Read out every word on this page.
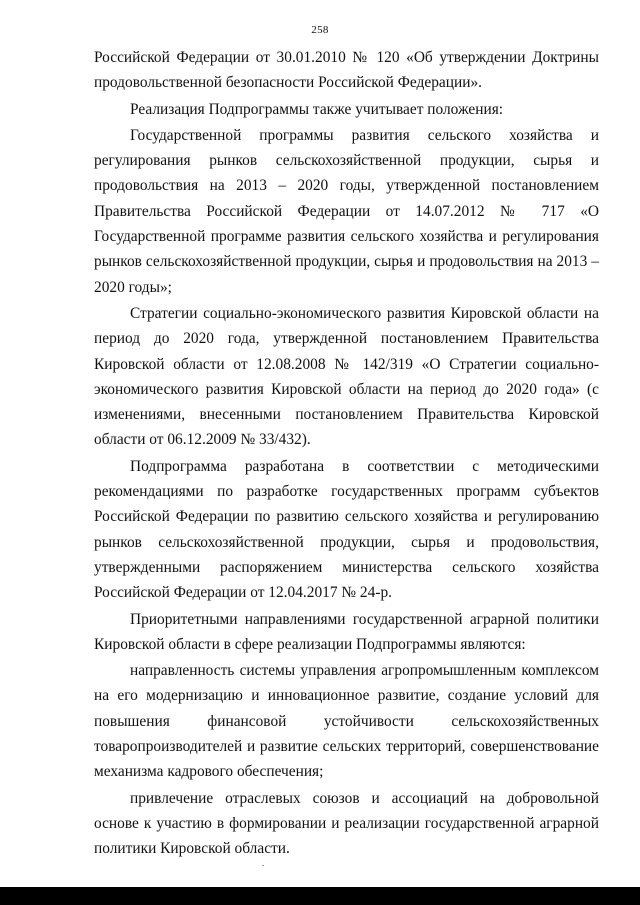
258

Российской Федерации от 30.01.2010 № 120 «Об утверждении Доктрины продовольственной безопасности Российской Федерации».

Реализация Подпрограммы также учитывает положения:

Государственной программы развития сельского хозяйства и регулирования рынков сельскохозяйственной продукции, сырья и продовольствия на 2013 – 2020 годы, утвержденной постановлением Правительства Российской Федерации от 14.07.2012 № 717 «О Государственной программе развития сельского хозяйства и регулирования рынков сельскохозяйственной продукции, сырья и продовольствия на 2013 – 2020 годы»;

Стратегии социально-экономического развития Кировской области на период до 2020 года, утвержденной постановлением Правительства Кировской области от 12.08.2008 № 142/319 «О Стратегии социально-экономического развития Кировской области на период до 2020 года» (с изменениями, внесенными постановлением Правительства Кировской области от 06.12.2009 № 33/432).

Подпрограмма разработана в соответствии с методическими рекомендациями по разработке государственных программ субъектов Российской Федерации по развитию сельского хозяйства и регулированию рынков сельскохозяйственной продукции, сырья и продовольствия, утвержденными распоряжением министерства сельского хозяйства Российской Федерации от 12.04.2017 № 24-р.

Приоритетными направлениями государственной аграрной политики Кировской области в сфере реализации Подпрограммы являются:

направленность системы управления агропромышленным комплексом на его модернизацию и инновационное развитие, создание условий для повышения финансовой устойчивости сельскохозяйственных товаропроизводителей и развитие сельских территорий, совершенствование механизма кадрового обеспечения;

привлечение отраслевых союзов и ассоциаций на добровольной основе к участию в формировании и реализации государственной аграрной политики Кировской области.
